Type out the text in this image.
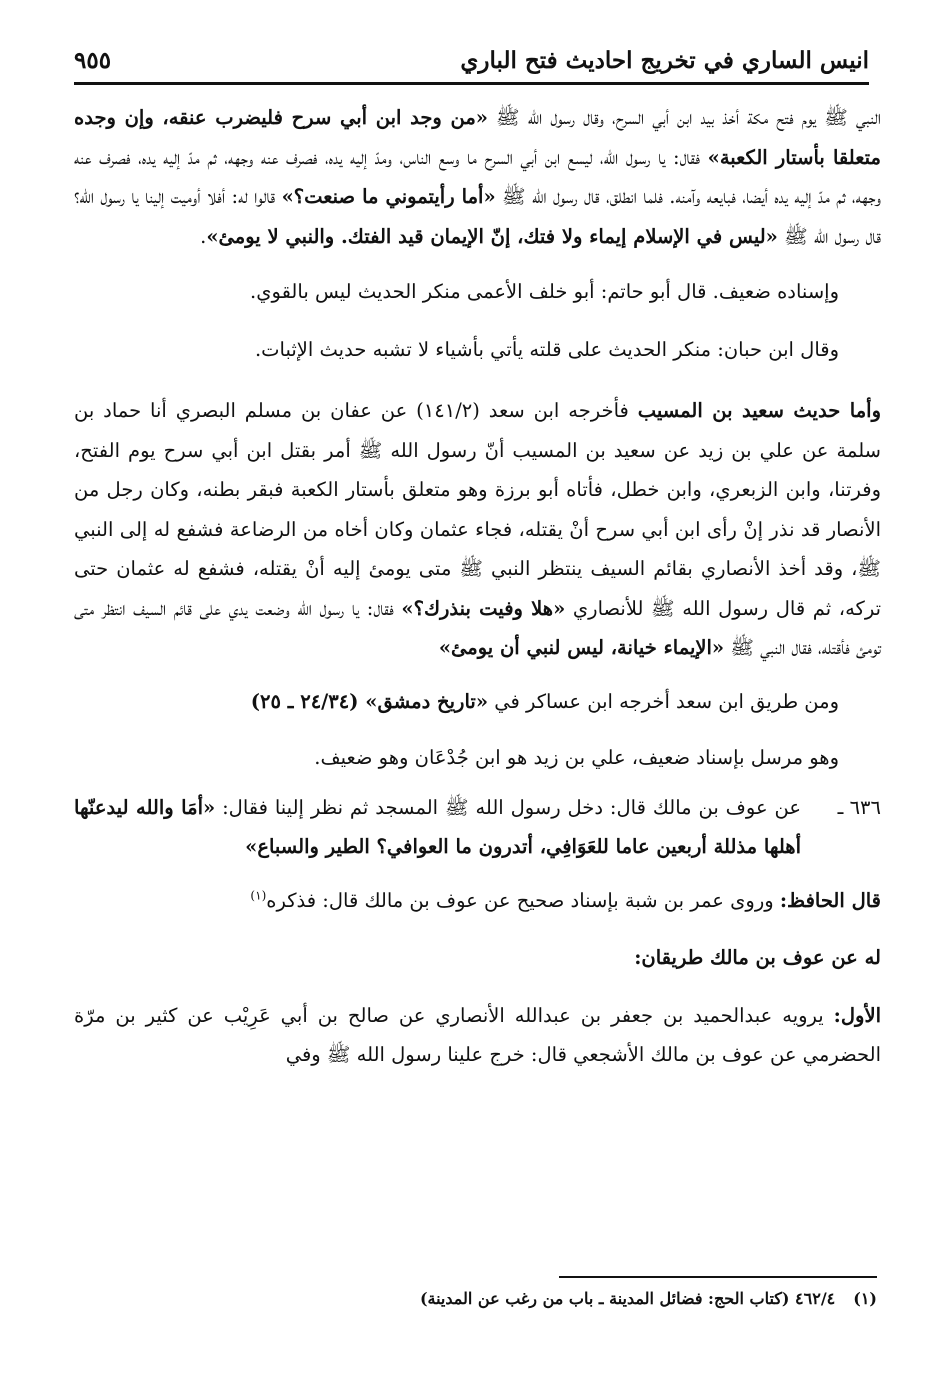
انيس الساري في تخريج احاديث فتح الباري
٩٥٥

النبي ﷺ يوم فتح مكة أخذ بيد ابن أبي السرح، وقال رسول الله ﷺ «من وجد ابن أبي سرح فليضرب عنقه، وإن وجده متعلقا بأستار الكعبة» فقال: يا رسول الله، ليسع ابن أبي السرح ما وسع الناس، ومدّ إليه يده، فصرف عنه وجهه، ثم مدّ إليه يده، فصرف عنه وجهه، ثم مدّ إليه يده أيضا، فبايعه وآمنه. فلما انطلق، قال رسول الله ﷺ «أما رأيتموني ما صنعت؟» قالوا له: أفلا أوميت إلينا يا رسول الله؟ قال رسول الله ﷺ «ليس في الإسلام إيماء ولا فتك، إنّ الإيمان قيد الفتك. والنبي لا يومئ».

وإسناده ضعيف. قال أبو حاتم: أبو خلف الأعمى منكر الحديث ليس بالقوي.

وقال ابن حبان: منكر الحديث على قلته يأتي بأشياء لا تشبه حديث الإثبات.

وأما حديث سعيد بن المسيب فأخرجه ابن سعد (١٤١/٢) عن عفان بن مسلم البصري أنا حماد بن سلمة عن علي بن زيد عن سعيد بن المسيب أنّ رسول الله ﷺ أمر بقتل ابن أبي سرح يوم الفتح، وفرتنا، وابن الزبعري، وابن خطل، فأتاه أبو برزة وهو متعلق بأستار الكعبة فبقر بطنه، وكان رجل من الأنصار قد نذر إنْ رأى ابن أبي سرح أنْ يقتله، فجاء عثمان وكان أخاه من الرضاعة فشفع له إلى النبي ﷺ، وقد أخذ الأنصاري بقائم السيف ينتظر النبي ﷺ متى يومئ إليه أنْ يقتله، فشفع له عثمان حتى تركه، ثم قال رسول الله ﷺ للأنصاري «هلا وفيت بنذرك؟» فقال: يا رسول الله وضعت يدي على قائم السيف انتظر متى تومئ فأقتله، فقال النبي ﷺ «الإيماء خيانة، ليس لنبي أن يومئ»

ومن طريق ابن سعد أخرجه ابن عساكر في «تاريخ دمشق» (٢٤/٣٤ ـ ٢٥)

وهو مرسل بإسناد ضعيف، علي بن زيد هو ابن جُدْعَان وهو ضعيف.

٦٣٦ ـ
عن عوف بن مالك قال: دخل رسول الله ﷺ المسجد ثم نظر إلينا فقال: «أمَا والله ليدعنّها أهلها مذللة أربعين عاما للعَوَافِي، أتدرون ما العوافي؟ الطير والسباع»

قال الحافظ: وروى عمر بن شبة بإسناد صحيح عن عوف بن مالك قال: فذكره$^{(١)}$

له عن عوف بن مالك طريقان:

الأول: يرويه عبدالحميد بن جعفر بن عبدالله الأنصاري عن صالح بن أبي عَرِيْب عن كثير بن مرّة الحضرمي عن عوف بن مالك الأشجعي قال: خرج علينا رسول الله ﷺ وفي

(١)٤٦٢/٤ (كتاب الحج: فضائل المدينة ـ باب من رغب عن المدينة)
